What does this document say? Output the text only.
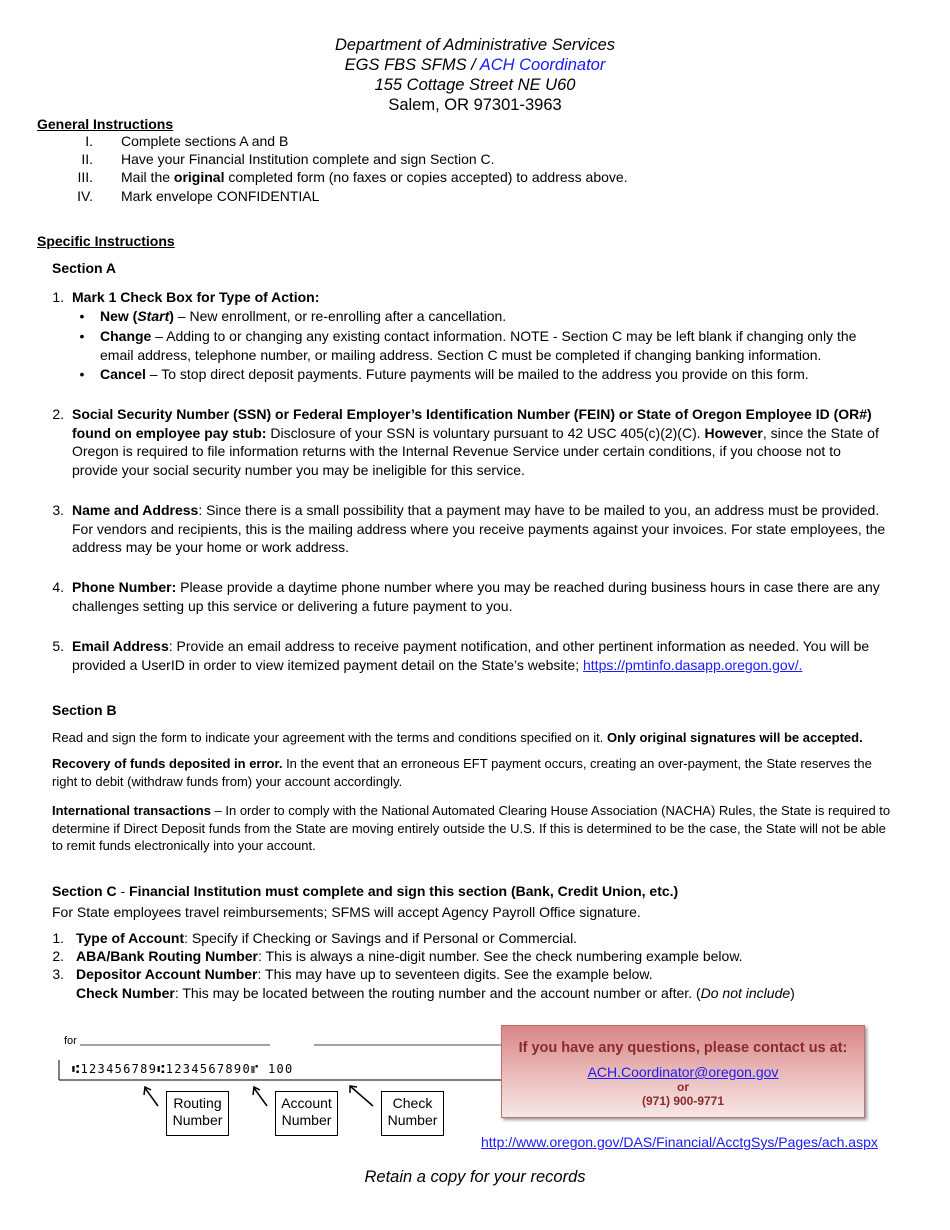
Department of Administrative Services
EGS FBS SFMS / ACH Coordinator
155 Cottage Street NE U60
Salem, OR 97301-3963
General Instructions
I. Complete sections A and B
II. Have your Financial Institution complete and sign Section C.
III. Mail the original completed form (no faxes or copies accepted) to address above.
IV. Mark envelope CONFIDENTIAL
Specific Instructions
Section A
1. Mark 1 Check Box for Type of Action:
• New (Start) – New enrollment, or re-enrolling after a cancellation.
• Change – Adding to or changing any existing contact information. NOTE - Section C may be left blank if changing only the email address, telephone number, or mailing address. Section C must be completed if changing banking information.
• Cancel – To stop direct deposit payments. Future payments will be mailed to the address you provide on this form.
2. Social Security Number (SSN) or Federal Employer’s Identification Number (FEIN) or State of Oregon Employee ID (OR#) found on employee pay stub: Disclosure of your SSN is voluntary pursuant to 42 USC 405(c)(2)(C). However, since the State of Oregon is required to file information returns with the Internal Revenue Service under certain conditions, if you choose not to provide your social security number you may be ineligible for this service.
3. Name and Address: Since there is a small possibility that a payment may have to be mailed to you, an address must be provided. For vendors and recipients, this is the mailing address where you receive payments against your invoices. For state employees, the address may be your home or work address.
4. Phone Number: Please provide a daytime phone number where you may be reached during business hours in case there are any challenges setting up this service or delivering a future payment to you.
5. Email Address: Provide an email address to receive payment notification, and other pertinent information as needed. You will be provided a UserID in order to view itemized payment detail on the State’s website; https://pmtinfo.dasapp.oregon.gov/.
Section B
Read and sign the form to indicate your agreement with the terms and conditions specified on it. Only original signatures will be accepted.
Recovery of funds deposited in error. In the event that an erroneous EFT payment occurs, creating an over-payment, the State reserves the right to debit (withdraw funds from) your account accordingly.
International transactions – In order to comply with the National Automated Clearing House Association (NACHA) Rules, the State is required to determine if Direct Deposit funds from the State are moving entirely outside the U.S. If this is determined to be the case, the State will not be able to remit funds electronically into your account.
Section C - Financial Institution must complete and sign this section (Bank, Credit Union, etc.)
For State employees travel reimbursements; SFMS will accept Agency Payroll Office signature.
1. Type of Account: Specify if Checking or Savings and if Personal or Commercial.
2. ABA/Bank Routing Number: This is always a nine-digit number. See the check numbering example below.
3. Depositor Account Number: This may have up to seventeen digits. See the example below.
Check Number: This may be located between the routing number and the account number or after. (Do not include)
for
⑆123456789⑆1234567890⑈ 100
Routing
Number
Account
Number
Check
Number
If you have any questions, please contact us at:
ACH.Coordinator@oregon.gov
or
(971) 900-9771
http://www.oregon.gov/DAS/Financial/AcctgSys/Pages/ach.aspx
Retain a copy for your records
